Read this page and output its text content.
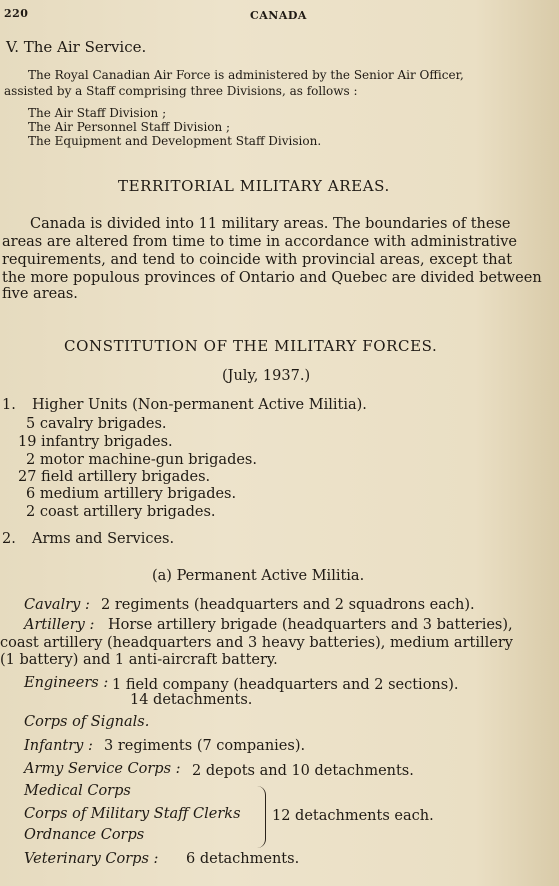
220	CANADA
V. The Air Service.
The Royal Canadian Air Force is administered by the Senior Air Officer,
assisted by a Staff comprising three Divisions, as follows :
The Air Staff Division ;
The Air Personnel Staff Division ;
The Equipment and Development Staff Division.
TERRITORIAL MILITARY AREAS.
Canada is divided into 11 military areas. The boundaries of these
areas are altered from time to time in accordance with administrative
requirements, and tend to coincide with provincial areas, except that
the more populous provinces of Ontario and Quebec are divided between
five areas.
CONSTITUTION OF THE MILITARY FORCES.
(July, 1937.)
1. Higher Units (Non-permanent Active Militia).
5 cavalry brigades.
19 infantry brigades.
2 motor machine-gun brigades.
27 field artillery brigades.
6 medium artillery brigades.
2 coast artillery brigades.
2. Arms and Services.
(a) Permanent Active Militia.
Cavalry : 2 regiments (headquarters and 2 squadrons each).
Artillery : Horse artillery brigade (headquarters and 3 batteries),
coast artillery (headquarters and 3 heavy batteries), medium artillery
(1 battery) and 1 anti-aircraft battery.
Engineers : 1 field company (headquarters and 2 sections).
14 detachments.
Corps of Signals.
Infantry : 3 regiments (7 companies).
Army Service Corps : 2 depots and 10 detachments.
Medical Corps
Corps of Military Staff Clerks
Ordnance Corps
12 detachments each.
Veterinary Corps : 6 detachments.
